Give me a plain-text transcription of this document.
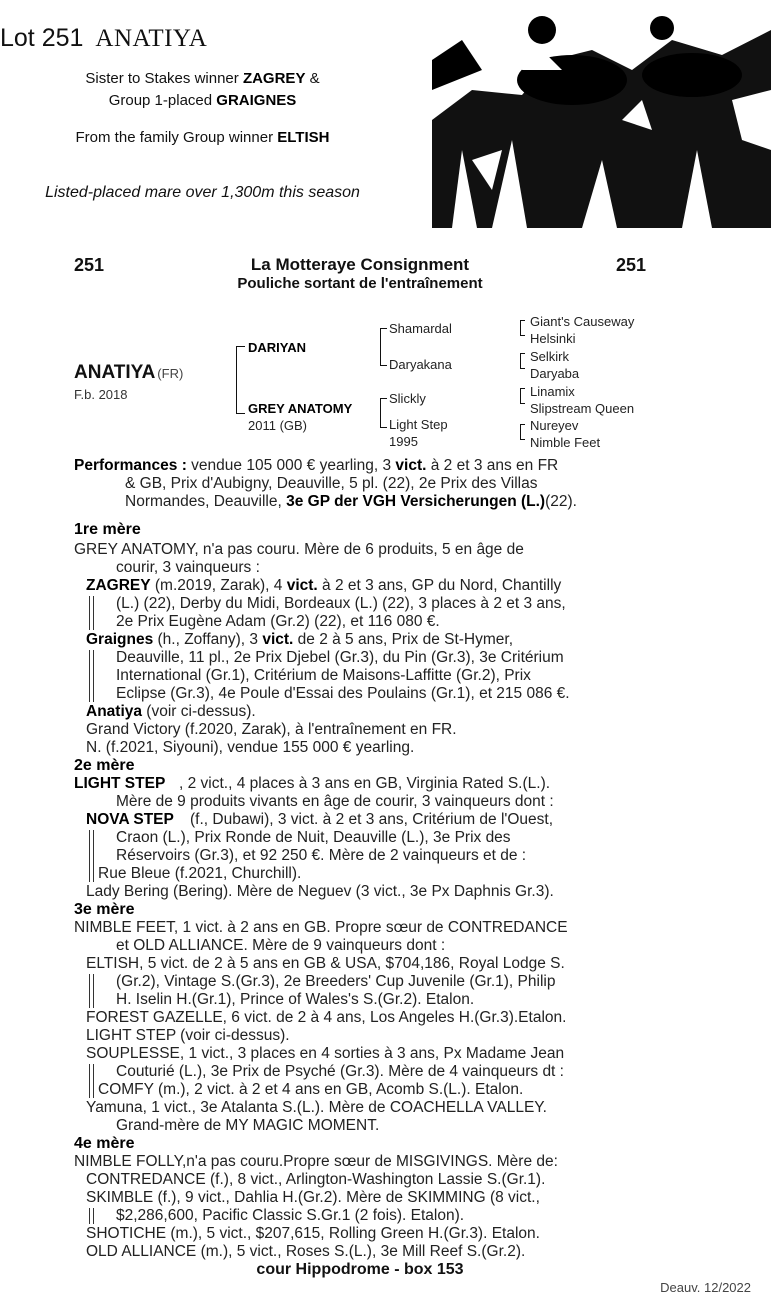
Lot 251 ANATIYA
Sister to Stakes winner ZAGREY &
Group 1-placed GRAIGNES
From the family Group winner ELTISH
Listed-placed mare over 1,300m this season
251	251
La Motteraye Consignment
Pouliche sortant de l'entraînement
ANATIYA (FR)
F.b. 2018
DARIYAN
GREY ANATOMY
2011 (GB)
Shamardal
Daryakana
Slickly
Light Step
1995
Giant's Causeway
Helsinki
Selkirk
Daryaba
Linamix
Slipstream Queen
Nureyev
Nimble Feet
Performances : vendue 105 000 € yearling, 3 vict. à 2 et 3 ans en FR
& GB, Prix d'Aubigny, Deauville, 5 pl. (22), 2e Prix des Villas
Normandes, Deauville, 3e GP der VGH Versicherungen (L.)(22).
1re mère
GREY ANATOMY, n'a pas couru. Mère de 6 produits, 5 en âge de
courir, 3 vainqueurs :
ZAGREY (m.2019, Zarak), 4 vict. à 2 et 3 ans, GP du Nord, Chantilly
(L.) (22), Derby du Midi, Bordeaux (L.) (22), 3 places à 2 et 3 ans,
2e Prix Eugène Adam (Gr.2) (22), et 116 080 €.
Graignes (h., Zoffany), 3 vict. de 2 à 5 ans, Prix de St-Hymer,
Deauville, 11 pl., 2e Prix Djebel (Gr.3), du Pin (Gr.3), 3e Critérium
International (Gr.1), Critérium de Maisons-Laffitte (Gr.2), Prix
Eclipse (Gr.3), 4e Poule d'Essai des Poulains (Gr.1), et 215 086 €.
Anatiya (voir ci-dessus).
Grand Victory (f.2020, Zarak), à l'entraînement en FR.
N. (f.2021, Siyouni), vendue 155 000 € yearling.
2e mère
LIGHT STEP , 2 vict., 4 places à 3 ans en GB, Virginia Rated S.(L.).
Mère de 9 produits vivants en âge de courir, 3 vainqueurs dont :
NOVA STEP (f., Dubawi), 3 vict. à 2 et 3 ans, Critérium de l'Ouest,
Craon (L.), Prix Ronde de Nuit, Deauville (L.), 3e Prix des
Réservoirs (Gr.3), et 92 250 €. Mère de 2 vainqueurs et de :
Rue Bleue (f.2021, Churchill).
Lady Bering (Bering). Mère de Neguev (3 vict., 3e Px Daphnis Gr.3).
3e mère
NIMBLE FEET, 1 vict. à 2 ans en GB. Propre sœur de CONTREDANCE
et OLD ALLIANCE. Mère de 9 vainqueurs dont :
ELTISH, 5 vict. de 2 à 5 ans en GB & USA, $704,186, Royal Lodge S.
(Gr.2), Vintage S.(Gr.3), 2e Breeders' Cup Juvenile (Gr.1), Philip
H. Iselin H.(Gr.1), Prince of Wales's S.(Gr.2). Etalon.
FOREST GAZELLE, 6 vict. de 2 à 4 ans, Los Angeles H.(Gr.3).Etalon.
LIGHT STEP (voir ci-dessus).
SOUPLESSE, 1 vict., 3 places en 4 sorties à 3 ans, Px Madame Jean
Couturié (L.), 3e Prix de Psyché (Gr.3). Mère de 4 vainqueurs dt :
COMFY (m.), 2 vict. à 2 et 4 ans en GB, Acomb S.(L.). Etalon.
Yamuna, 1 vict., 3e Atalanta S.(L.). Mère de COACHELLA VALLEY.
Grand-mère de MY MAGIC MOMENT.
4e mère
NIMBLE FOLLY,n'a pas couru.Propre sœur de MISGIVINGS. Mère de:
CONTREDANCE (f.), 8 vict., Arlington-Washington Lassie S.(Gr.1).
SKIMBLE (f.), 9 vict., Dahlia H.(Gr.2). Mère de SKIMMING (8 vict.,
$2,286,600, Pacific Classic S.Gr.1 (2 fois). Etalon).
SHOTICHE (m.), 5 vict., $207,615, Rolling Green H.(Gr.3). Etalon.
OLD ALLIANCE (m.), 5 vict., Roses S.(L.), 3e Mill Reef S.(Gr.2).
cour Hippodrome - box 153
Deauv. 12/2022
